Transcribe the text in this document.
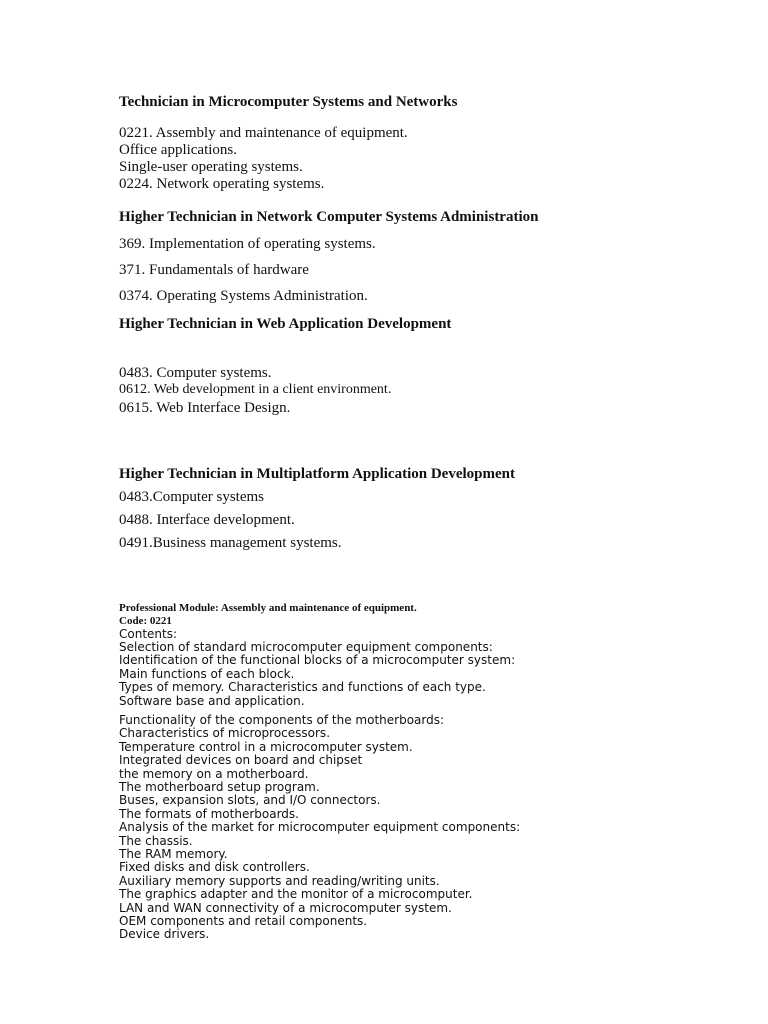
Technician in Microcomputer Systems and Networks
0221. Assembly and maintenance of equipment.
Office applications.
Single-user operating systems.
0224. Network operating systems.
Higher Technician in Network Computer Systems Administration
369. Implementation of operating systems.
371. Fundamentals of hardware
0374. Operating Systems Administration.
Higher Technician in Web Application Development
0483. Computer systems.
0612. Web development in a client environment.
0615. Web Interface Design.
Higher Technician in Multiplatform Application Development
0483.Computer systems
0488. Interface development.
0491.Business management systems.
Professional Module: Assembly and maintenance of equipment.
Code: 0221
Contents:
Selection of standard microcomputer equipment components:
Identification of the functional blocks of a microcomputer system:
Main functions of each block.
Types of memory. Characteristics and functions of each type.
Software base and application.
Functionality of the components of the motherboards:
Characteristics of microprocessors.
Temperature control in a microcomputer system.
Integrated devices on board and chipset
the memory on a motherboard.
The motherboard setup program.
Buses, expansion slots, and I/O connectors.
The formats of motherboards.
Analysis of the market for microcomputer equipment components:
The chassis.
The RAM memory.
Fixed disks and disk controllers.
Auxiliary memory supports and reading/writing units.
The graphics adapter and the monitor of a microcomputer.
LAN and WAN connectivity of a microcomputer system.
OEM components and retail components.
Device drivers.
